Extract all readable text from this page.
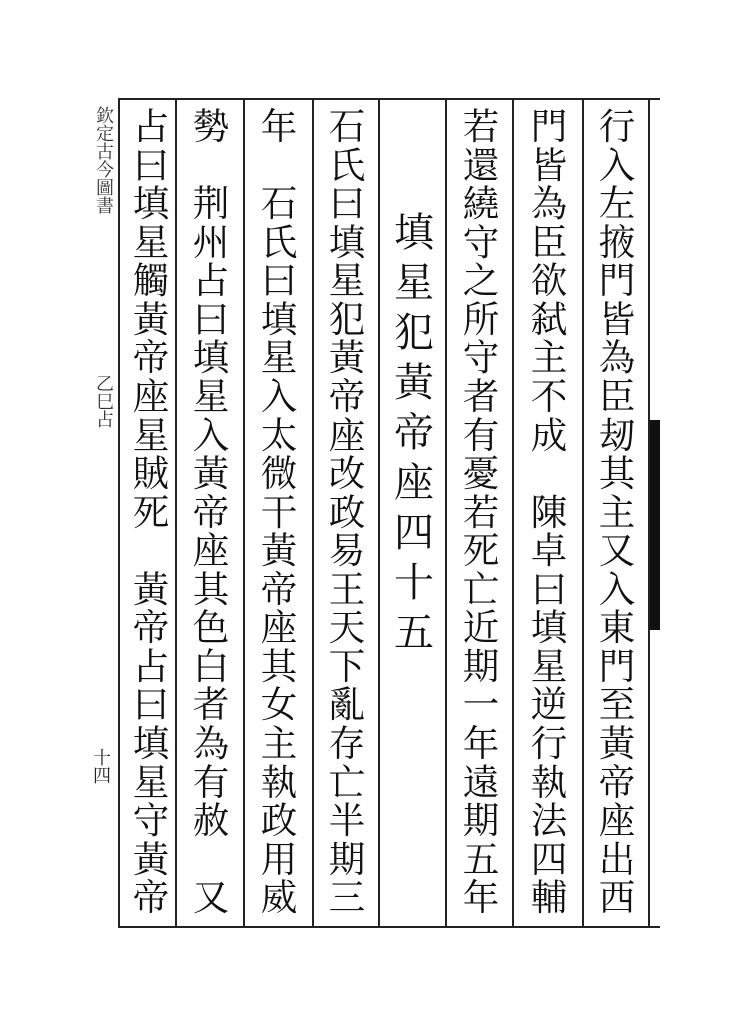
欽定古今圖書
乙巳占
十四
行
入
左
掖
門
皆
為
臣
刼
其
主
又
入
東
門
至
黃
帝
座
出
西
門
皆
為
臣
欲
弑
主
不
成
陳
卓
曰
填
星
逆
行
執
法
四
輔
若
還
繞
守
之
所
守
者
有
憂
若
死
亡
近
期
一
年
遠
期
五
年
填
星
犯
黃
帝
座
四
十
五
石
氏
曰
填
星
犯
黃
帝
座
改
政
易
王
天
下
亂
存
亡
半
期
三
年
石
氏
曰
填
星
入
太
微
干
黃
帝
座
其
女
主
執
政
用
威
勢
荆
州
占
曰
填
星
入
黃
帝
座
其
色
白
者
為
有
赦
又
占
曰
填
星
觸
黃
帝
座
星
賊
死
黃
帝
占
曰
填
星
守
黃
帝
